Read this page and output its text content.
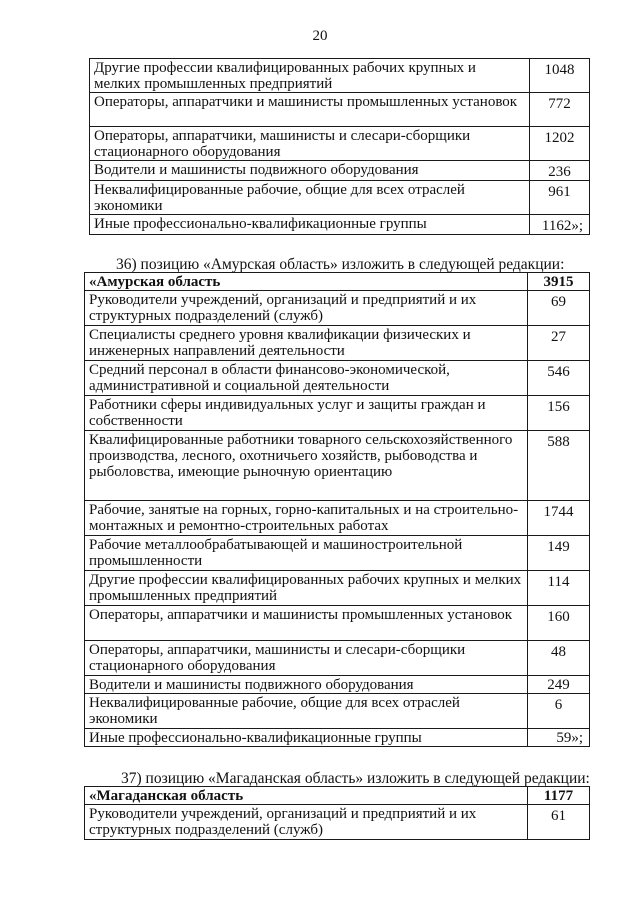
20
Другие профессии квалифицированных рабочих крупных и мелких промышленных предприятий	1048
Операторы, аппаратчики и машинисты промышленных установок	772
Операторы, аппаратчики, машинисты и слесари-сборщики стационарного оборудования	1202
Водители и машинисты подвижного оборудования	236
Неквалифицированные рабочие, общие для всех отраслей экономики	961
Иные профессионально-квалификационные группы	1162»;
36) позицию «Амурская область» изложить в следующей редакции:
«Амурская область	3915
Руководители учреждений, организаций и предприятий и их структурных подразделений (служб)	69
Специалисты среднего уровня квалификации физических и инженерных направлений деятельности	27
Средний персонал в области финансово-экономической, административной и социальной деятельности	546
Работники сферы индивидуальных услуг и защиты граждан и собственности	156
Квалифицированные работники товарного сельскохозяйственного производства, лесного, охотничьего хозяйств, рыбоводства и рыболовства, имеющие рыночную ориентацию	588
Рабочие, занятые на горных, горно-капитальных и на строительно-монтажных и ремонтно-строительных работах	1744
Рабочие металлообрабатывающей и машиностроительной промышленности	149
Другие профессии квалифицированных рабочих крупных и мелких промышленных предприятий	114
Операторы, аппаратчики и машинисты промышленных установок	160
Операторы, аппаратчики, машинисты и слесари-сборщики стационарного оборудования	48
Водители и машинисты подвижного оборудования	249
Неквалифицированные рабочие, общие для всех отраслей экономики	6
Иные профессионально-квалификационные группы	59»;
37) позицию «Магаданская область» изложить в следующей редакции:
«Магаданская область	1177
Руководители учреждений, организаций и предприятий и их структурных подразделений (служб)	61
